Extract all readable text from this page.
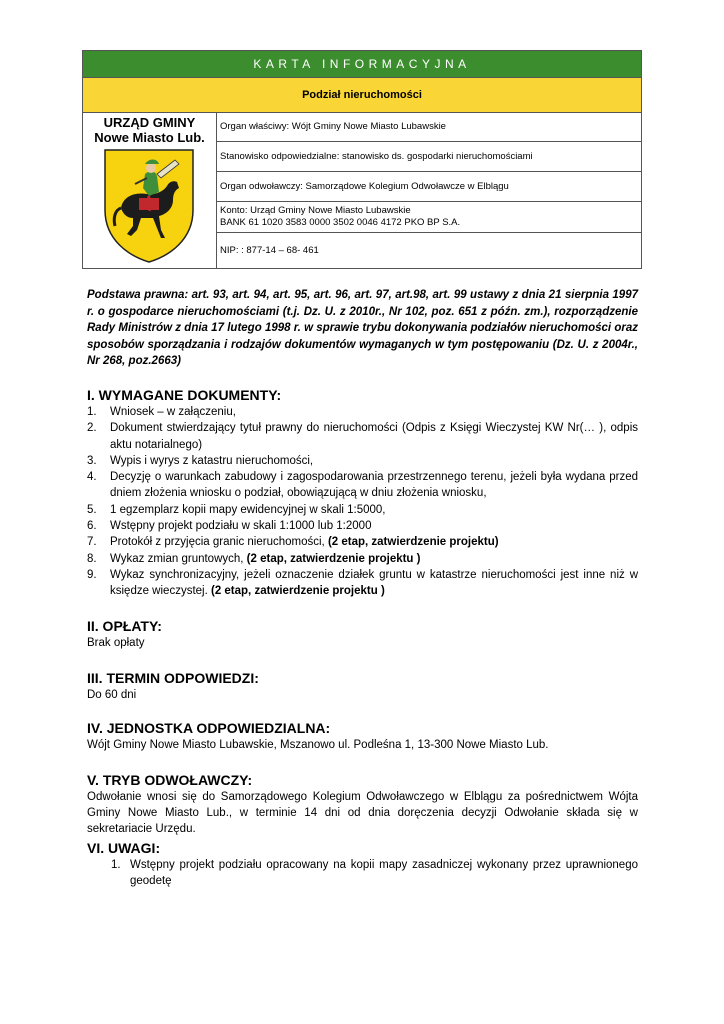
KARTA INFORMACYJNA
Podział nieruchomości
URZĄD GMINY
Nowe Miasto Lub.
Organ właściwy: Wójt Gminy Nowe Miasto Lubawskie
Stanowisko odpowiedzialne: stanowisko ds. gospodarki nieruchomościami
Organ odwoławczy: Samorządowe Kolegium Odwoławcze w Elblągu
Konto: Urząd Gminy Nowe Miasto Lubawskie
BANK 61 1020 3583 0000 3502 0046 4172 PKO BP S.A.
NIP: : 877-14 – 68- 461
Podstawa prawna: art. 93, art. 94, art. 95, art. 96, art. 97, art.98, art. 99 ustawy z dnia 21 sierpnia 1997 r. o gospodarce nieruchomościami (t.j. Dz. U. z 2010r., Nr 102, poz. 651 z późn. zm.), rozporządzenie Rady Ministrów z dnia 17 lutego 1998 r. w sprawie trybu dokonywania podziałów nieruchomości oraz sposobów sporządzania i rodzajów dokumentów wymaganych w tym postępowaniu (Dz. U. z 2004r., Nr 268, poz.2663)
I. WYMAGANE DOKUMENTY:
1. Wniosek – w załączeniu,
2. Dokument stwierdzający tytuł prawny do nieruchomości (Odpis z Księgi Wieczystej KW Nr(… ), odpis aktu notarialnego)
3. Wypis i wyrys z katastru nieruchomości,
4. Decyzję o warunkach zabudowy i zagospodarowania przestrzennego terenu, jeżeli była wydana przed dniem złożenia wniosku o podział, obowiązującą w dniu złożenia wniosku,
5. 1 egzemplarz kopii mapy ewidencyjnej w skali 1:5000,
6. Wstępny projekt podziału w skali 1:1000 lub 1:2000
7. Protokół z przyjęcia granic nieruchomości, (2 etap, zatwierdzenie projektu)
8. Wykaz zmian gruntowych, (2 etap, zatwierdzenie projektu )
9. Wykaz synchronizacyjny, jeżeli oznaczenie działek gruntu w katastrze nieruchomości jest inne niż w księdze wieczystej. (2 etap, zatwierdzenie projektu )
II. OPŁATY:
Brak opłaty
III. TERMIN ODPOWIEDZI:
Do 60 dni
IV. JEDNOSTKA ODPOWIEDZIALNA:
Wójt Gminy Nowe Miasto Lubawskie, Mszanowo ul. Podleśna 1, 13-300 Nowe Miasto Lub.
V. TRYB ODWOŁAWCZY:
Odwołanie wnosi się do Samorządowego Kolegium Odwoławczego w Elblągu za pośrednictwem Wójta Gminy Nowe Miasto Lub., w terminie 14 dni od dnia doręczenia decyzji Odwołanie składa się w sekretariacie Urzędu.
VI. UWAGI:
1. Wstępny projekt podziału opracowany na kopii mapy zasadniczej wykonany przez uprawnionego geodetę
